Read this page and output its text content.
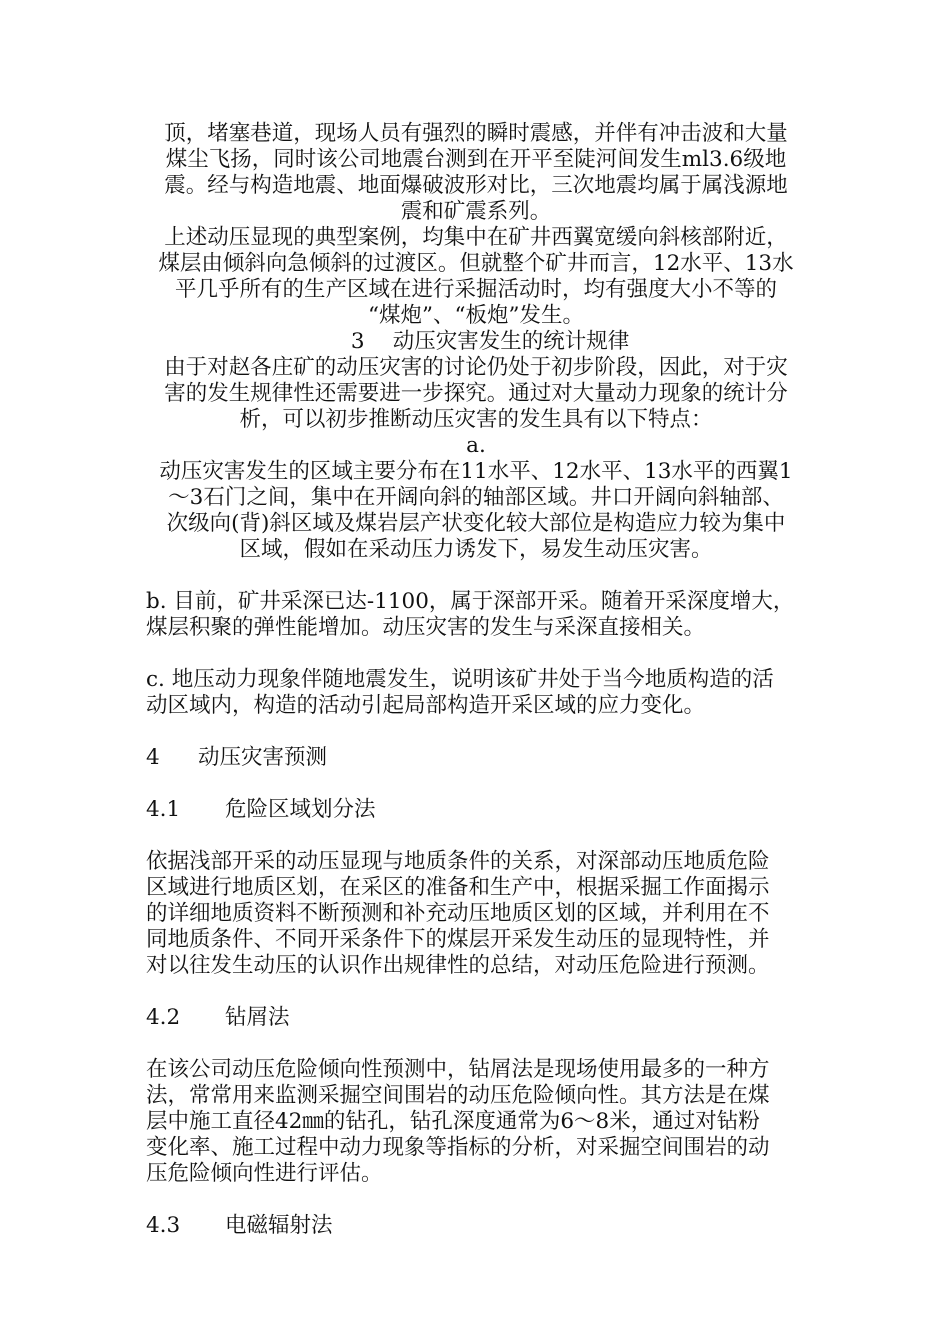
顶，堵塞巷道，现场人员有强烈的瞬时震感，并伴有冲击波和大量
煤尘飞扬，同时该公司地震台测到在开平至陡河间发生ml3.6级地
震。经与构造地震、地面爆破波形对比，三次地震均属于属浅源地
震和矿震系列。
上述动压显现的典型案例，均集中在矿井西翼宽缓向斜核部附近，
煤层由倾斜向急倾斜的过渡区。但就整个矿井而言，12水平、13水
平几乎所有的生产区域在进行采掘活动时，均有强度大小不等的
“煤炮”、“板炮”发生。
3 动压灾害发生的统计规律
由于对赵各庄矿的动压灾害的讨论仍处于初步阶段，因此，对于灾
害的发生规律性还需要进一步探究。通过对大量动力现象的统计分
析，可以初步推断动压灾害的发生具有以下特点：
a.
动压灾害发生的区域主要分布在11水平、12水平、13水平的西翼1
～3石门之间，集中在开阔向斜的轴部区域。井口开阔向斜轴部、
次级向(背)斜区域及煤岩层产状变化较大部位是构造应力较为集中
区域，假如在采动压力诱发下，易发生动压灾害。
b. 目前，矿井采深已达-1100，属于深部开采。随着开采深度增大，
煤层积聚的弹性能增加。动压灾害的发生与采深直接相关。
c. 地压动力现象伴随地震发生，说明该矿井处于当今地质构造的活
动区域内，构造的活动引起局部构造开采区域的应力变化。
4 动压灾害预测
4.1 危险区域划分法
依据浅部开采的动压显现与地质条件的关系，对深部动压地质危险
区域进行地质区划，在采区的准备和生产中，根据采掘工作面揭示
的详细地质资料不断预测和补充动压地质区划的区域，并利用在不
同地质条件、不同开采条件下的煤层开采发生动压的显现特性，并
对以往发生动压的认识作出规律性的总结，对动压危险进行预测。
4.2 钻屑法
在该公司动压危险倾向性预测中，钻屑法是现场使用最多的一种方
法，常常用来监测采掘空间围岩的动压危险倾向性。其方法是在煤
层中施工直径42㎜的钻孔，钻孔深度通常为6～8米，通过对钻粉
变化率、施工过程中动力现象等指标的分析，对采掘空间围岩的动
压危险倾向性进行评估。
4.3 电磁辐射法
